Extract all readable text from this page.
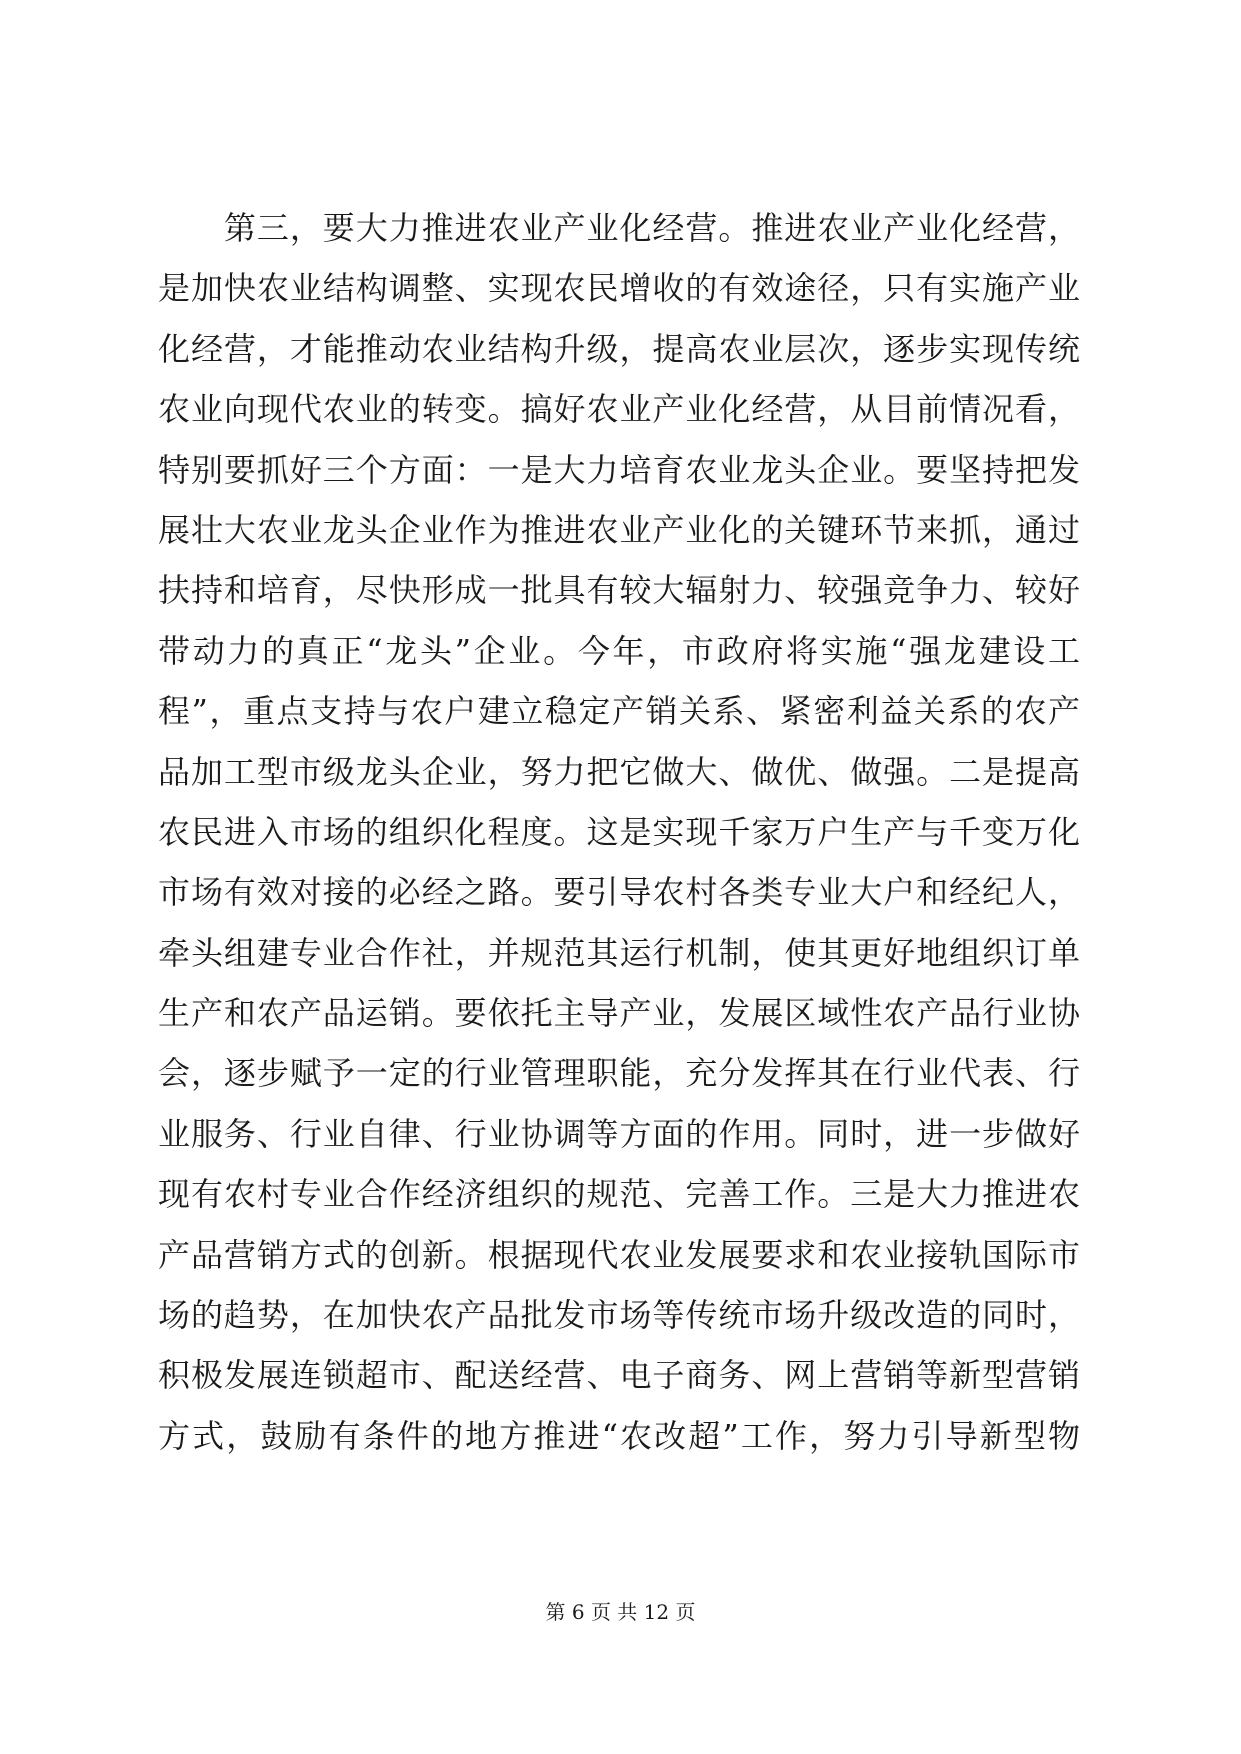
　　第三，要大力推进农业产业化经营。推进农业产业化经营，
是加快农业结构调整、实现农民增收的有效途径，只有实施产业
化经营，才能推动农业结构升级，提高农业层次，逐步实现传统
农业向现代农业的转变。搞好农业产业化经营，从目前情况看，
特别要抓好三个方面：一是大力培育农业龙头企业。要坚持把发
展壮大农业龙头企业作为推进农业产业化的关键环节来抓，通过
扶持和培育，尽快形成一批具有较大辐射力、较强竞争力、较好
带动力的真正“龙头”企业。今年，市政府将实施“强龙建设工
程”，重点支持与农户建立稳定产销关系、紧密利益关系的农产
品加工型市级龙头企业，努力把它做大、做优、做强。二是提高
农民进入市场的组织化程度。这是实现千家万户生产与千变万化
市场有效对接的必经之路。要引导农村各类专业大户和经纪人，
牵头组建专业合作社，并规范其运行机制，使其更好地组织订单
生产和农产品运销。要依托主导产业，发展区域性农产品行业协
会，逐步赋予一定的行业管理职能，充分发挥其在行业代表、行
业服务、行业自律、行业协调等方面的作用。同时，进一步做好
现有农村专业合作经济组织的规范、完善工作。三是大力推进农
产品营销方式的创新。根据现代农业发展要求和农业接轨国际市
场的趋势，在加快农产品批发市场等传统市场升级改造的同时，
积极发展连锁超市、配送经营、电子商务、网上营销等新型营销
方式，鼓励有条件的地方推进“农改超”工作，努力引导新型物
第 6 页 共 12 页
